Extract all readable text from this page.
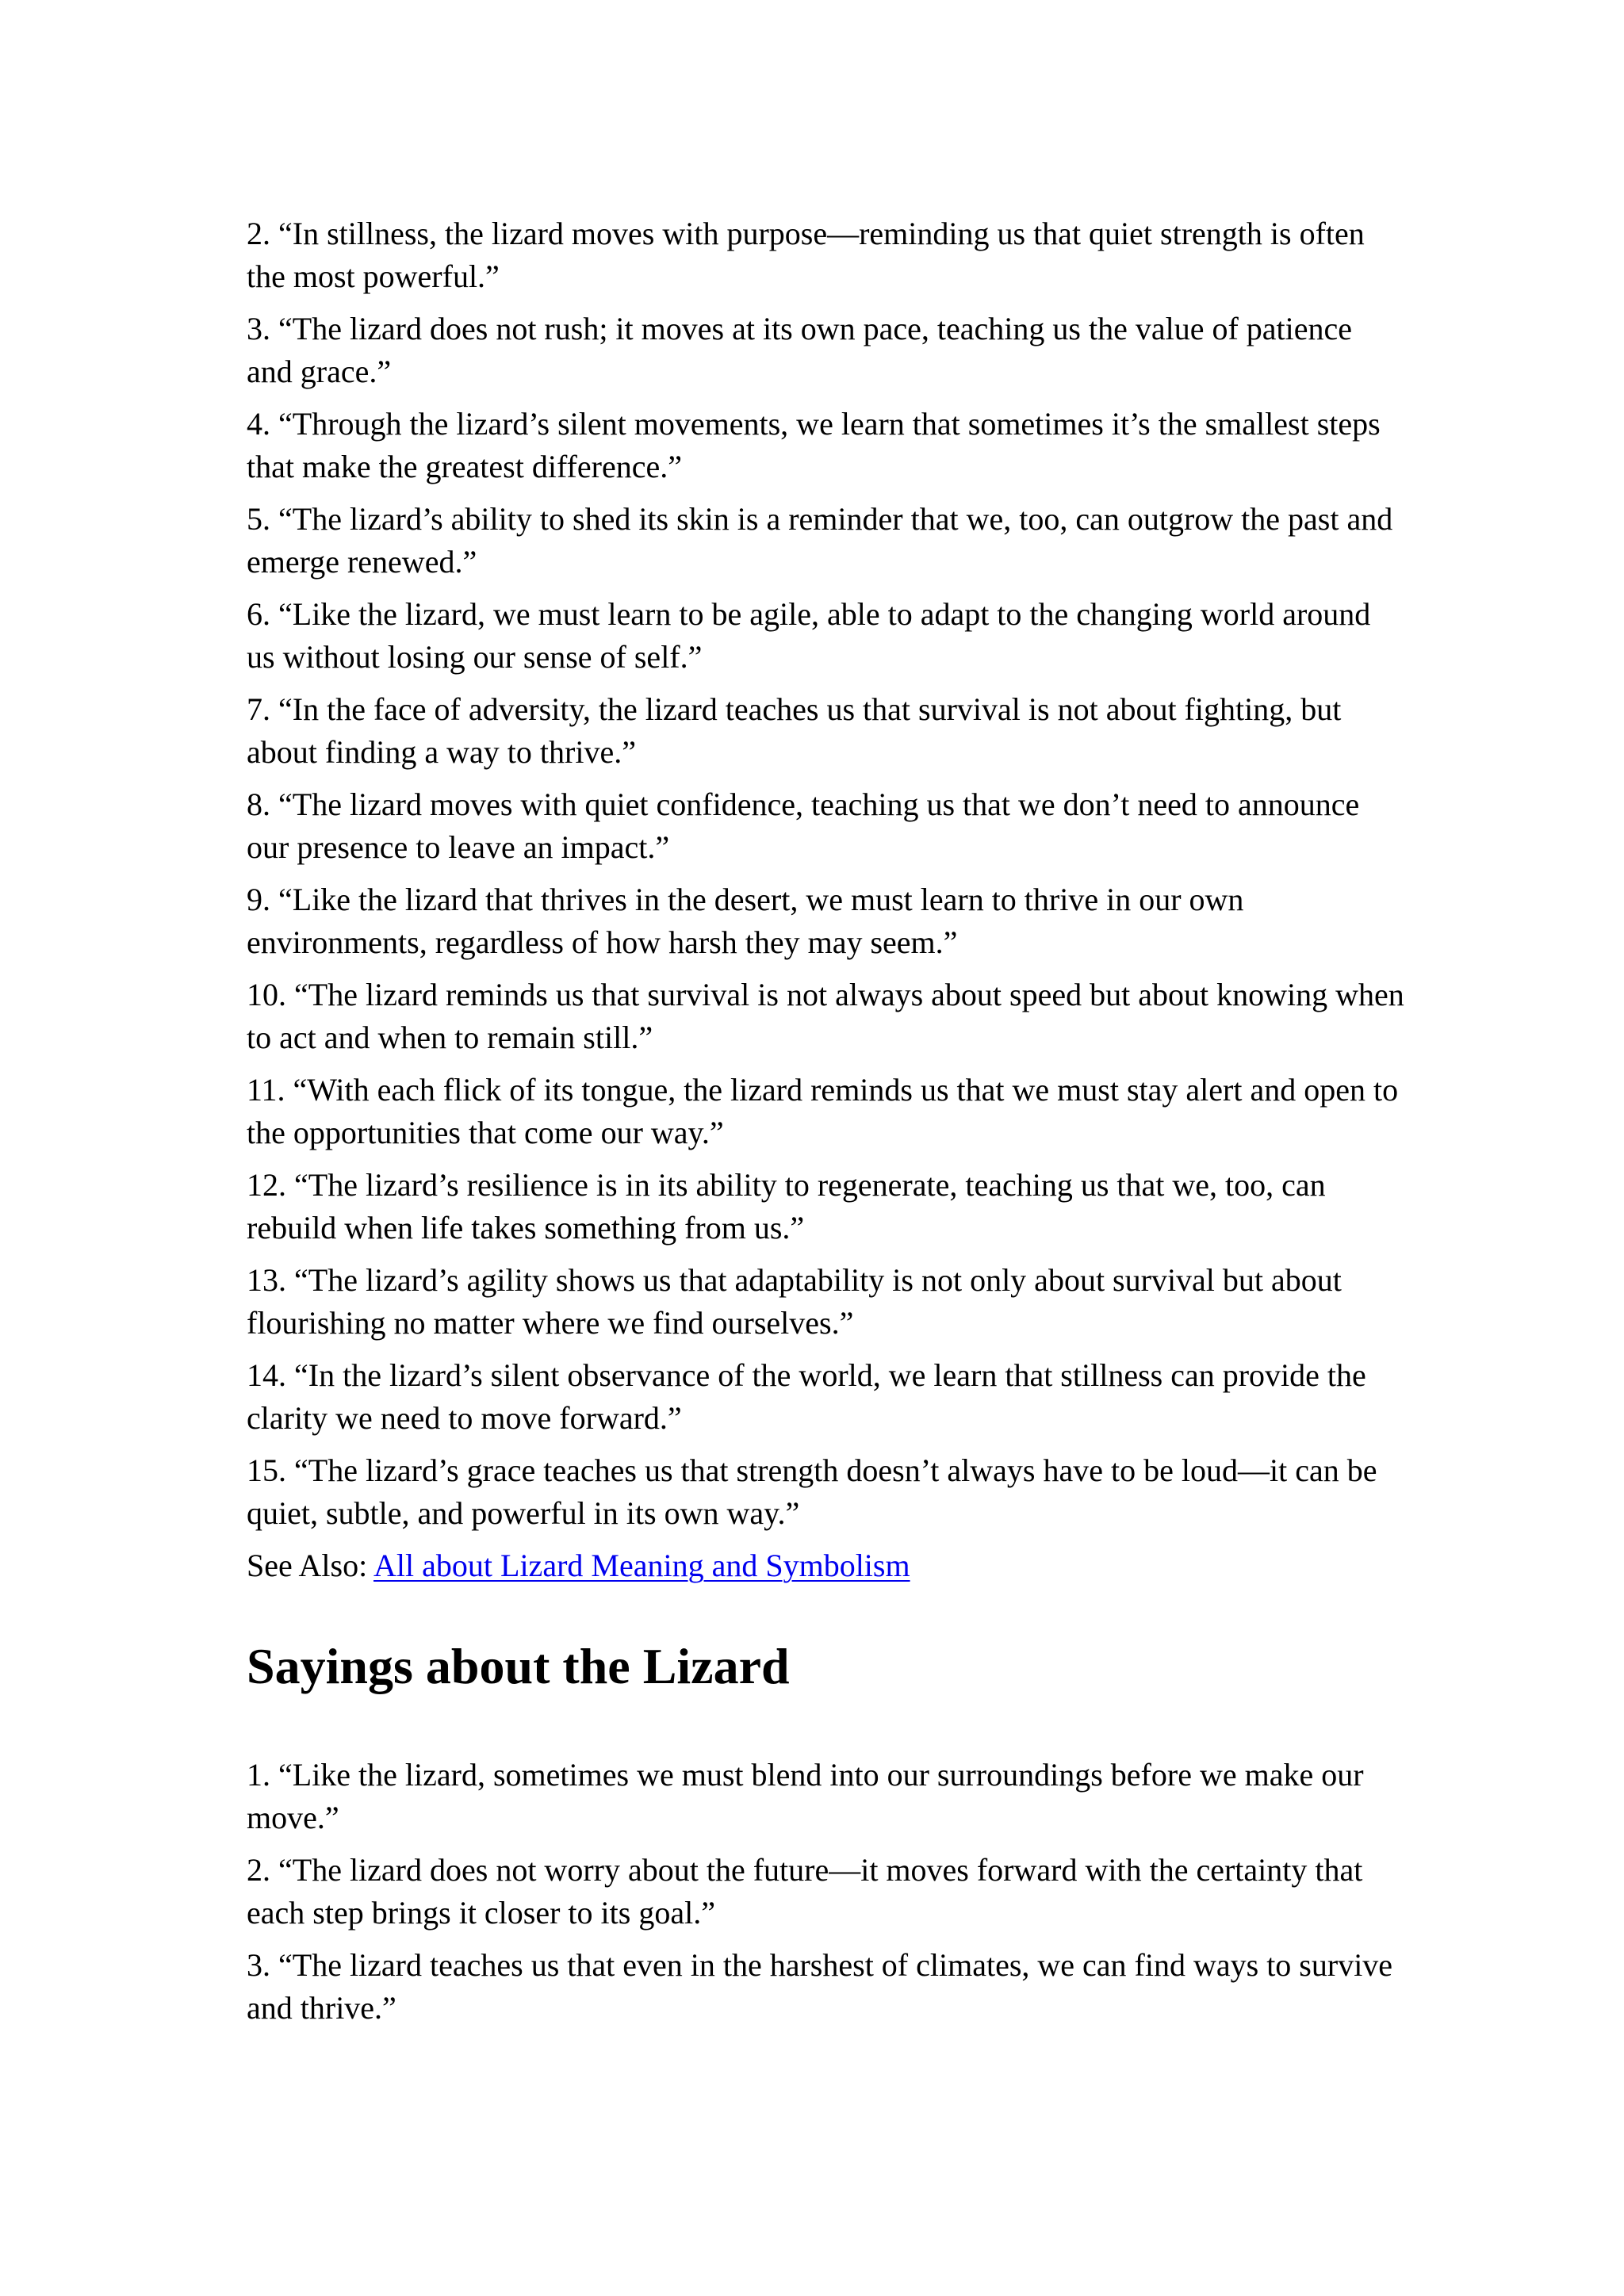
2. “In stillness, the lizard moves with purpose—reminding us that quiet strength is often the most powerful.”

3. “The lizard does not rush; it moves at its own pace, teaching us the value of patience and grace.”

4. “Through the lizard’s silent movements, we learn that sometimes it’s the smallest steps that make the greatest difference.”

5. “The lizard’s ability to shed its skin is a reminder that we, too, can outgrow the past and emerge renewed.”

6. “Like the lizard, we must learn to be agile, able to adapt to the changing world around us without losing our sense of self.”

7. “In the face of adversity, the lizard teaches us that survival is not about fighting, but about finding a way to thrive.”

8. “The lizard moves with quiet confidence, teaching us that we don’t need to announce our presence to leave an impact.”

9. “Like the lizard that thrives in the desert, we must learn to thrive in our own environments, regardless of how harsh they may seem.”

10. “The lizard reminds us that survival is not always about speed but about knowing when to act and when to remain still.”

11. “With each flick of its tongue, the lizard reminds us that we must stay alert and open to the opportunities that come our way.”

12. “The lizard’s resilience is in its ability to regenerate, teaching us that we, too, can rebuild when life takes something from us.”

13. “The lizard’s agility shows us that adaptability is not only about survival but about flourishing no matter where we find ourselves.”

14. “In the lizard’s silent observance of the world, we learn that stillness can provide the clarity we need to move forward.”

15. “The lizard’s grace teaches us that strength doesn’t always have to be loud—it can be quiet, subtle, and powerful in its own way.”

See Also: All about Lizard Meaning and Symbolism

Sayings about the Lizard

1. “Like the lizard, sometimes we must blend into our surroundings before we make our move.”

2. “The lizard does not worry about the future—it moves forward with the certainty that each step brings it closer to its goal.”

3. “The lizard teaches us that even in the harshest of climates, we can find ways to survive and thrive.”
